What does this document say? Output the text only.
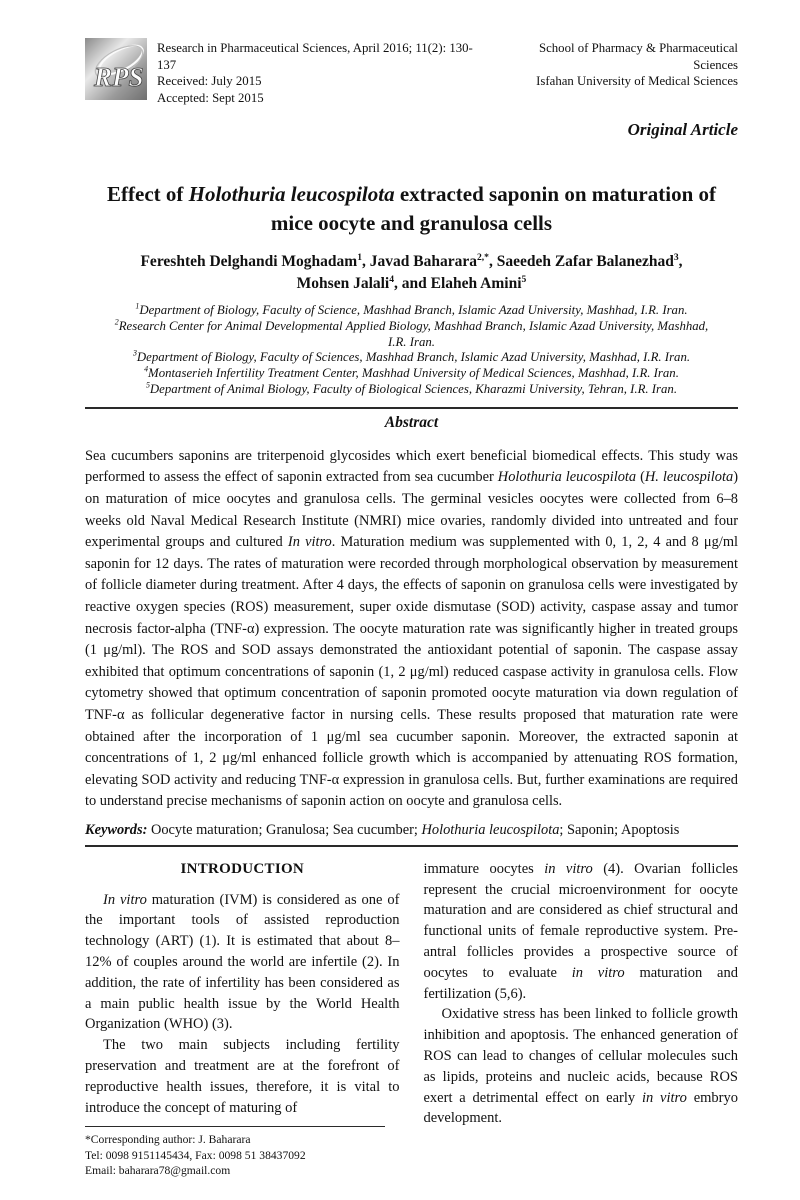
RPS
Research in Pharmaceutical Sciences, April 2016; 11(2): 130-137
Received: July 2015
Accepted: Sept 2015
School of Pharmacy & Pharmaceutical Sciences
Isfahan University of Medical Sciences
Original Article
Effect of Holothuria leucospilota extracted saponin on maturation of
mice oocyte and granulosa cells
Fereshteh Delghandi Moghadam$^1$, Javad Baharara$^{2,*}$, Saeedeh Zafar Balanezhad$^3$,
Mohsen Jalali$^4$, and Elaheh Amini$^5$
$^1$Department of Biology, Faculty of Science, Mashhad Branch, Islamic Azad University, Mashhad, I.R. Iran.
$^2$Research Center for Animal Developmental Applied Biology, Mashhad Branch, Islamic Azad University, Mashhad,
I.R. Iran.
$^3$Department of Biology, Faculty of Sciences, Mashhad Branch, Islamic Azad University, Mashhad, I.R. Iran.
$^4$Montaserieh Infertility Treatment Center, Mashhad University of Medical Sciences, Mashhad, I.R. Iran.
$^5$Department of Animal Biology, Faculty of Biological Sciences, Kharazmi University, Tehran, I.R. Iran.
Abstract
Sea cucumbers saponins are triterpenoid glycosides which exert beneficial biomedical effects. This study was performed to assess the effect of saponin extracted from sea cucumber Holothuria leucospilota (H. leucospilota) on maturation of mice oocytes and granulosa cells. The germinal vesicles oocytes were collected from 6–8 weeks old Naval Medical Research Institute (NMRI) mice ovaries, randomly divided into untreated and four experimental groups and cultured In vitro. Maturation medium was supplemented with 0, 1, 2, 4 and 8 μg/ml saponin for 12 days. The rates of maturation were recorded through morphological observation by measurement of follicle diameter during treatment. After 4 days, the effects of saponin on granulosa cells were investigated by reactive oxygen species (ROS) measurement, super oxide dismutase (SOD) activity, caspase assay and tumor necrosis factor-alpha (TNF-α) expression. The oocyte maturation rate was significantly higher in treated groups (1 μg/ml). The ROS and SOD assays demonstrated the antioxidant potential of saponin. The caspase assay exhibited that optimum concentrations of saponin (1, 2 μg/ml) reduced caspase activity in granulosa cells. Flow cytometry showed that optimum concentration of saponin promoted oocyte maturation via down regulation of TNF-α as follicular degenerative factor in nursing cells. These results proposed that maturation rate were obtained after the incorporation of 1 μg/ml sea cucumber saponin. Moreover, the extracted saponin at concentrations of 1, 2 μg/ml enhanced follicle growth which is accompanied by attenuating ROS formation, elevating SOD activity and reducing TNF-α expression in granulosa cells. But, further examinations are required to understand precise mechanisms of saponin action on oocyte and granulosa cells.
Keywords: Oocyte maturation; Granulosa; Sea cucumber; Holothuria leucospilota; Saponin; Apoptosis
INTRODUCTION

In vitro maturation (IVM) is considered as one of the important tools of assisted reproduction technology (ART) (1). It is estimated that about 8–12% of couples around the world are infertile (2). In addition, the rate of infertility has been considered as a main public health issue by the World Health Organization (WHO) (3).

The two main subjects including fertility preservation and treatment are at the forefront of reproductive health issues, therefore, it is vital to introduce the concept of maturing of

*Corresponding author: J. Baharara
Tel: 0098 9151145434, Fax: 0098 51 38437092
Email: baharara78@gmail.com

immature oocytes in vitro (4). Ovarian follicles represent the crucial microenvironment for oocyte maturation and are considered as chief structural and functional units of female reproductive system. Pre-antral follicles provides a prospective source of oocytes to evaluate in vitro maturation and fertilization (5,6).

Oxidative stress has been linked to follicle growth inhibition and apoptosis. The enhanced generation of ROS can lead to changes of cellular molecules such as lipids, proteins and nucleic acids, because ROS exert a detrimental effect on early in vitro embryo development.
